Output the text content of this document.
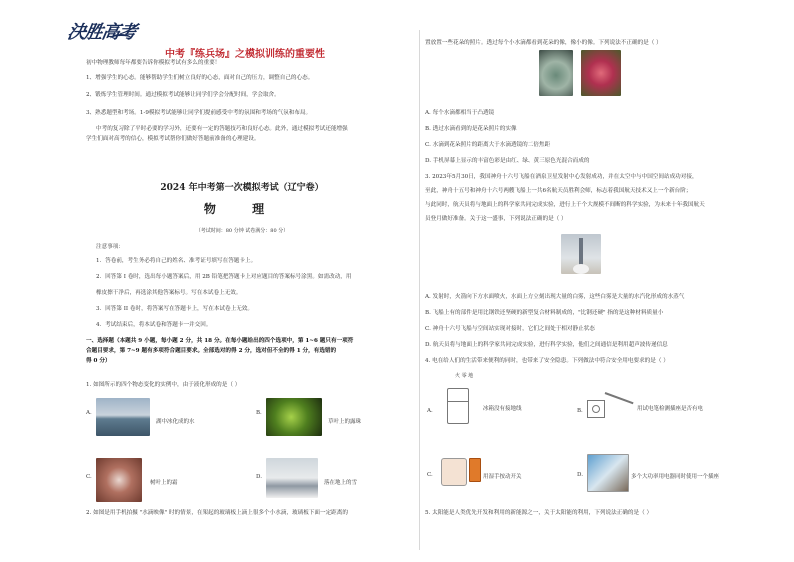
決胜高考
中考『练兵场』之模拟训练的重要性
初中物理教师每年都要告诉你模拟考试有多么的重要！
1、增强学生的心态。能够帮助学生们树立良好的心态，面对自己的压力，调整自己的心态。
2、锻炼学生管理时间。通过模拟考试能够让同学们学会分配时间，学会取舍。
3、熟悉题型和考场。1-9模拟考试能够让同学们提前感受中考的氛围和考场的气氛和布局。
中考的复习除了平时必要的学习外，还要有一定的答题技巧和良好心态。此外，通过模拟考试还能增强
学生们面对高考的信心，模拟考试帮你们做好答题前准备的心理建设。
2024 年中考第一次模拟考试（辽宁卷）
物 理
（考试时间：80 分钟 试卷满分：80 分）
注意事项：
1．答卷前，考生务必将自己的姓名、准考证号填写在答题卡上。
2．回答第 I 卷时，选出每小题答案后，用 2B 铅笔把答题卡上对应题目的答案标号涂黑。如需改动，用
橡皮擦干净后，再选涂其他答案标号。写在本试卷上无效。
3．回答第 II 卷时，将答案写在答题卡上，写在本试卷上无效。
4．考试结束后，将本试卷和答题卡一并交回。
一、选择题（本题共 9 小题，每小题 2 分，共 18 分。在每小题给出的四个选项中，第 1~6 题只有一项符
合题目要求，第 7~9 题有多项符合题目要求。全部选对的得 2 分，选对但不全的得 1 分，有选错的
得 0 分）
1. 如图所示的四个物态变化的实例中，由于液化形成的是（ ）
A.
湖中冰化成的水
B.
草叶上的露珠
C.
树叶上的霜
D.
落在地上的雪
2. 如图是用手机拍摄 "水滴映像" 时的情景，在架起的玻璃板上滴上很多个小水滴，玻璃板下面一定距离的
置放置一些花朵的照片。透过每个小水滴都看到花朵的像，像小的像。下列说法不正确的是（ ）
A. 每个水滴都相当于凸透镜
B. 透过水滴看到的是花朵照片的实像
C. 水滴到花朵照片的距离大于水滴透镜的二倍焦距
D. 手机屏幕上显示的丰富色彩是由红、绿、黄三原色光混合而成的
3. 2023年5月30日，我国神舟十六号飞船在酒泉卫星发射中心发射成功，并在太空中与中国空间站成功对接，
至此，神舟十五号和神舟十六号两艘飞船上一共6名航天员胜利会师，标志着我国航天技术又上一个新台阶；
与此同时，航天员将与地面上的科学家共同完成实验，进行上千个大规模不间断的科学实验，为未来十年我国航天
员登月做好准备。关于这一盛事，下列说法正确的是（ ）
A. 发射时，火箭向下方水面喷火，水面上方立刻出现大量的白雾，这些白雾是大量的水汽化形成的水蒸气
B. 飞船上有的部件是用比钢铁还坚硬的新型复合材料制成的，"比钢还硬" 指的是这种材料质量小
C. 神舟十六号飞船与空间站实现对接时，它们之间处于相对静止状态
D. 航天员将与地面上的科学家共同完成实验，进行科学实验，他们之间通信是利用超声波传递信息
4. 电在给人们的生活带来便利的同时，也带来了安全隐患。下列做法中符合安全用电要求的是（ ）
A.
火 零 地
冰箱没有接地线	B.	用试电笔检测插座是否有电
C.	用湿手按动开关	D.	多个大功率用电器同时使用一个插座
5. 太阳能是人类优先开发和利用的新能源之一，关于太阳能的利用，下列说法正确的是（ ）
